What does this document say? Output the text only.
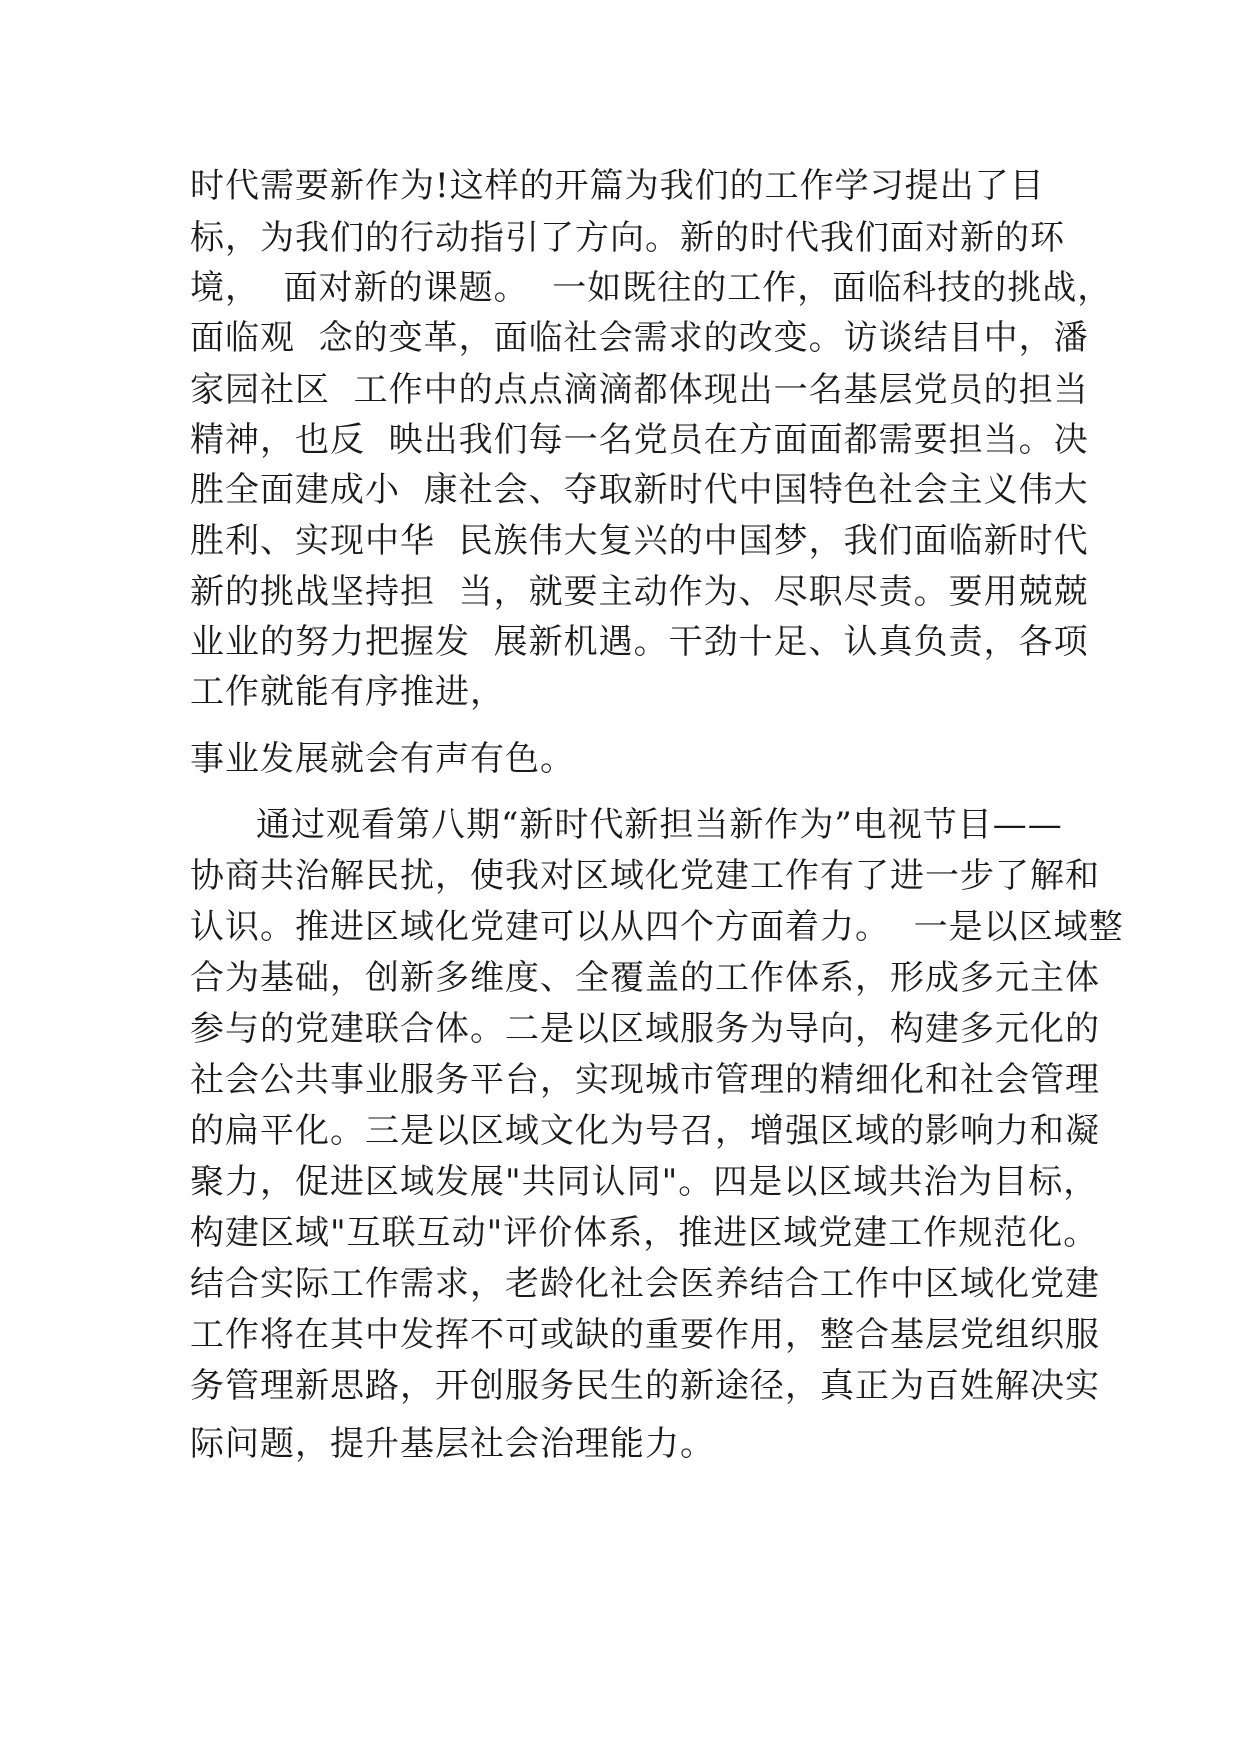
时代需要新作为!这样的开篇为我们的工作学习提出了目

标，为我们的行动指引了方向。新的时代我们面对新的环

境，  面对新的课题。  一如既往的工作，面临科技的挑战，

面临观  念的变革，面临社会需求的改变。访谈结目中，潘

家园社区  工作中的点点滴滴都体现出一名基层党员的担当

精神，也反  映出我们每一名党员在方面面都需要担当。决

胜全面建成小  康社会、夺取新时代中国特色社会主义伟大

胜利、实现中华  民族伟大复兴的中国梦，我们面临新时代

新的挑战坚持担  当，就要主动作为、尽职尽责。要用兢兢

业业的努力把握发  展新机遇。干劲十足、认真负责，各项

工作就能有序推进，

事业发展就会有声有色。

通过观看第八期“新时代新担当新作为”电视节目——

协商共治解民扰，使我对区域化党建工作有了进一步了解和

认识。推进区域化党建可以从四个方面着力。  一是以区域整

合为基础，创新多维度、全覆盖的工作体系，形成多元主体

参与的党建联合体。二是以区域服务为导向，构建多元化的

社会公共事业服务平台，实现城市管理的精细化和社会管理

的扁平化。三是以区域文化为号召，增强区域的影响力和凝

聚力，促进区域发展"共同认同"。四是以区域共治为目标，

构建区域"互联互动"评价体系，推进区域党建工作规范化。

结合实际工作需求，老龄化社会医养结合工作中区域化党建

工作将在其中发挥不可或缺的重要作用，整合基层党组织服

务管理新思路，开创服务民生的新途径，真正为百姓解决实

际问题，提升基层社会治理能力。
